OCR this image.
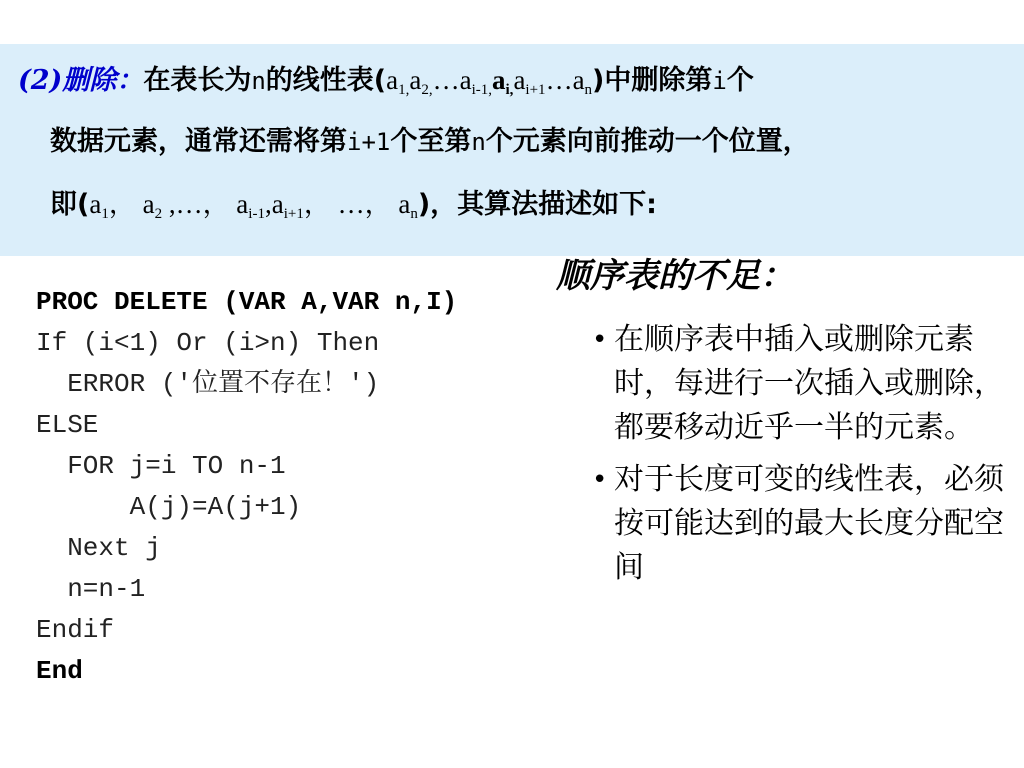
(2)删除：在表长为n的线性表$(a_{1,}a_{2,}\dots a_{i-1,}a_{i,}a_{i+1}\dots a_n)$中删除第i个
数据元素，通常还需将第i+1个至第n个元素向前推动一个位置，
即($a_1$， $a_2$ ,…， $a_{i-1},a_{i+1}$， …， $a_n$)，其算法描述如下:
PROC DELETE (VAR A,VAR n,I)
If (i<1) Or (i>n) Then
ERROR ('位置不存在！')
ELSE
FOR j=i TO n-1
A(j)=A(j+1)
Next j
n=n-1
Endif
End
顺序表的不足：
• 在顺序表中插入或删除元素时，每进行一次插入或删除，都要移动近乎一半的元素。
• 对于长度可变的线性表，必须按可能达到的最大长度分配空间
